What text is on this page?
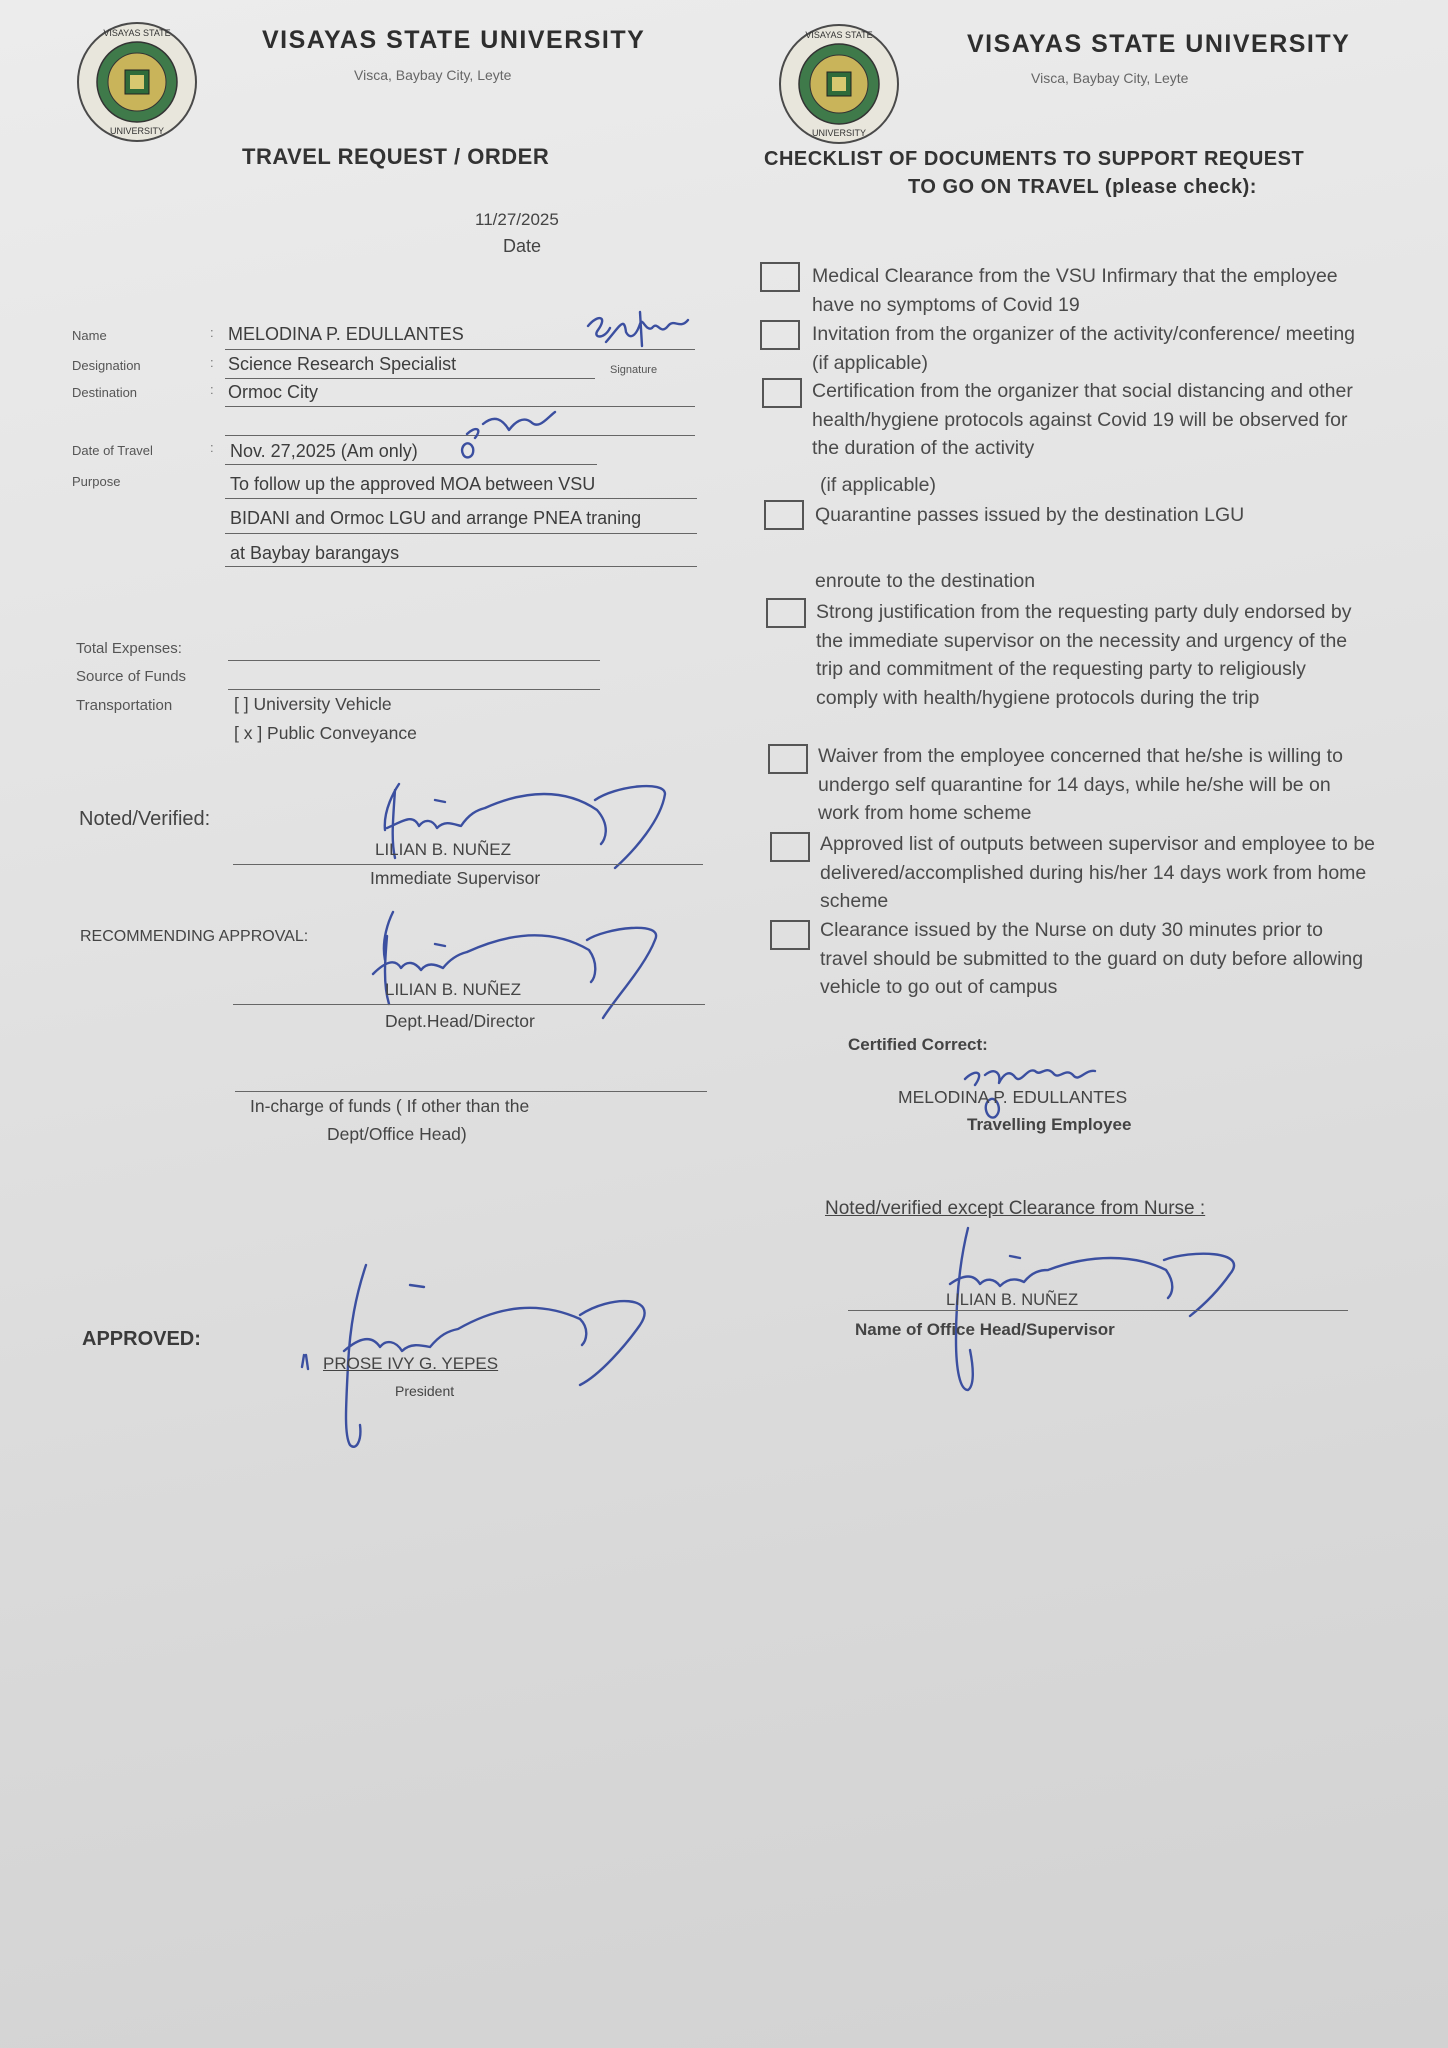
VISAYAS STATE
UNIVERSITY
VISAYAS STATE UNIVERSITY
Visca, Baybay City, Leyte
VISAYAS STATE
UNIVERSITY
VISAYAS STATE UNIVERSITY
Visca, Baybay City, Leyte
TRAVEL REQUEST / ORDER
11/27/2025
Date
Name	: MELODINA P. EDULLANTES
Designation	: Science Research Specialist	Signature
Destination	: Ormoc City
Date of Travel	: Nov. 27,2025 (Am only)
Purpose	To follow up the approved MOA between VSU
BIDANI and Ormoc LGU and arrange PNEA traning
at Baybay barangays
Total Expenses:
Source of Funds
Transportation	[ ] University Vehicle
[ x ] Public Conveyance
Noted/Verified:
LILIAN B. NUÑEZ
Immediate Supervisor
RECOMMENDING APPROVAL:
LILIAN B. NUÑEZ
Dept.Head/Director
In-charge of funds ( If other than the
Dept/Office Head)
APPROVED:
PROSE IVY G. YEPES
President
CHECKLIST OF DOCUMENTS TO SUPPORT REQUEST
TO GO ON TRAVEL (please check):
Medical Clearance from the VSU Infirmary that the employee have no symptoms of Covid 19
Invitation from the organizer of the activity/conference/ meeting (if applicable)
Certification from the organizer that social distancing and other health/hygiene protocols against Covid 19 will be observed for the duration of the activity
(if applicable)
Quarantine passes issued by the destination LGU
enroute to the destination
Strong justification from the requesting party duly endorsed by the immediate supervisor on the necessity and urgency of the trip and commitment of the requesting party to religiously comply with health/hygiene protocols during the trip
Waiver from the employee concerned that he/she is willing to undergo self quarantine for 14 days, while he/she will be on work from home scheme
Approved list of outputs between supervisor and employee to be delivered/accomplished during his/her 14 days work from home scheme
Clearance issued by the Nurse on duty 30 minutes prior to travel should be submitted to the guard on duty before allowing vehicle to go out of campus
Certified Correct:
MELODINA P. EDULLANTES
Travelling Employee
Noted/verified except Clearance from Nurse :
LILIAN B. NUÑEZ
Name of Office Head/Supervisor
